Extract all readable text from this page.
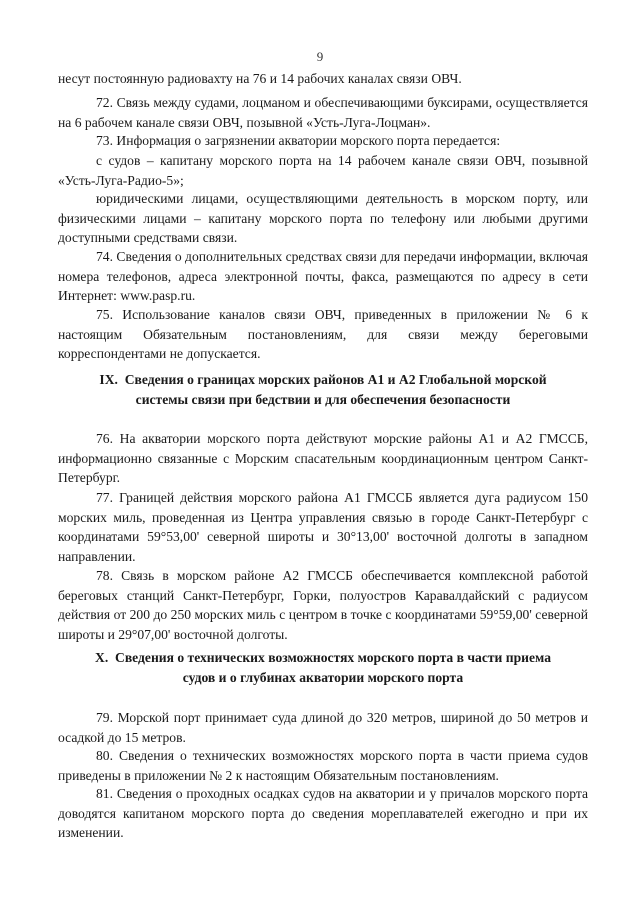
9
несут постоянную радиовахту на 76 и 14 рабочих каналах связи ОВЧ.
72. Связь между судами, лоцманом и обеспечивающими буксирами, осуществляется на 6 рабочем канале связи ОВЧ, позывной «Усть-Луга-Лоцман».
73. Информация о загрязнении акватории морского порта передается:
с судов – капитану морского порта на 14 рабочем канале связи ОВЧ, позывной «Усть-Луга-Радио-5»;
юридическими лицами, осуществляющими деятельность в морском порту, или физическими лицами – капитану морского порта по телефону или любыми другими доступными средствами связи.
74. Сведения о дополнительных средствах связи для передачи информации, включая номера телефонов, адреса электронной почты, факса, размещаются по адресу в сети Интернет: www.pasp.ru.
75. Использование каналов связи ОВЧ, приведенных в приложении № 6 к настоящим Обязательным постановлениям, для связи между береговыми корреспондентами не допускается.
IX. Сведения о границах морских районов А1 и А2 Глобальной морской
системы связи при бедствии и для обеспечения безопасности
76. На акватории морского порта действуют морские районы А1 и А2 ГМССБ, информационно связанные с Морским спасательным координационным центром Санкт-Петербург.
77. Границей действия морского района А1 ГМССБ является дуга радиусом 150 морских миль, проведенная из Центра управления связью в городе Санкт-Петербург с координатами 59°53,00' северной широты и 30°13,00' восточной долготы в западном направлении.
78. Связь в морском районе А2 ГМССБ обеспечивается комплексной работой береговых станций Санкт-Петербург, Горки, полуостров Каравалдайский с радиусом действия от 200 до 250 морских миль с центром в точке с координатами 59°59,00' северной широты и 29°07,00' восточной долготы.
X. Сведения о технических возможностях морского порта в части приема
судов и о глубинах акватории морского порта
79. Морской порт принимает суда длиной до 320 метров, шириной до 50 метров и осадкой до 15 метров.
80. Сведения о технических возможностях морского порта в части приема судов приведены в приложении № 2 к настоящим Обязательным постановлениям.
81. Сведения о проходных осадках судов на акватории и у причалов морского порта доводятся капитаном морского порта до сведения мореплавателей ежегодно и при их изменении.
